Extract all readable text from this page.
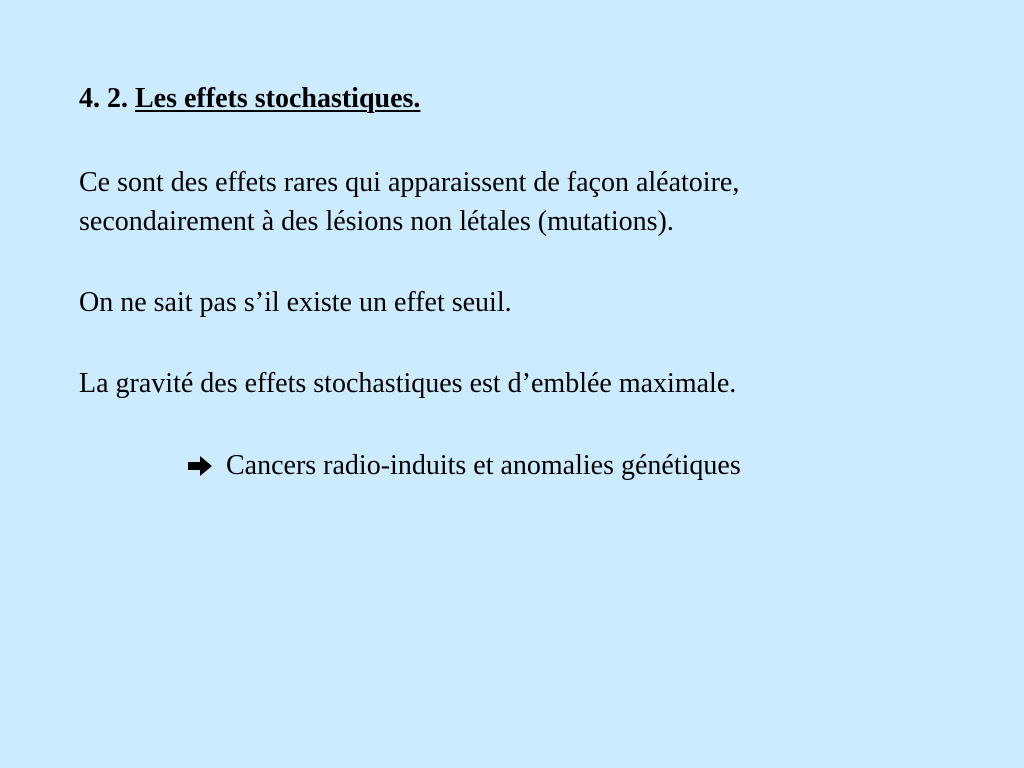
4. 2. Les effets stochastiques.
Ce sont des effets rares qui apparaissent de façon aléatoire,
secondairement à des lésions non létales (mutations).
On ne sait pas s’il existe un effet seuil.
La gravité des effets stochastiques est d’emblée maximale.
Cancers radio-induits et anomalies génétiques
